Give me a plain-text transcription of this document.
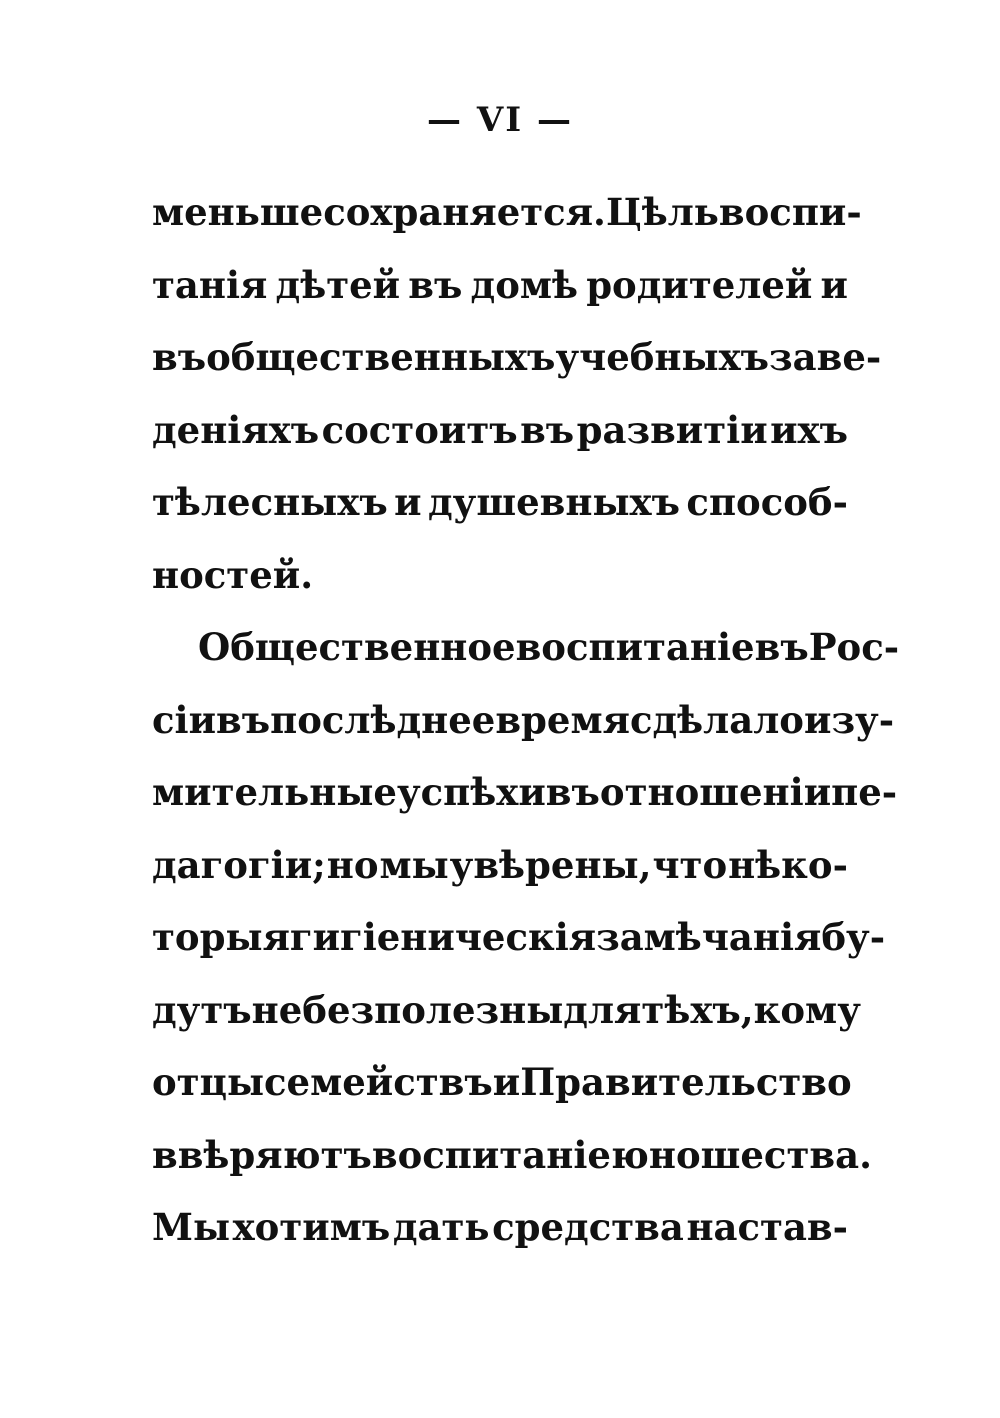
— VI —
меньше сохраняется. Цѣль воспи-
танія дѣтей въ домѣ родителей и
въ общественныхъ учебныхъ заве-
деніяхъ состоитъ въ развитіи ихъ
тѣлесныхъ и душевныхъ способ-
ностей.
Общественное воспитаніе въ Рос-
сіи въ послѣднее время сдѣлало изу-
мительные успѣхи въ отношеніи пе-
дагогіи; но мы увѣрены, что нѣко-
торыя гигіеническія замѣчанія бу-
дутъ не безполезны для тѣхъ, кому
отцы семействъ и Правительство
ввѣряютъ воспитаніе юношества.
Мы хотимъ дать средства настав-
